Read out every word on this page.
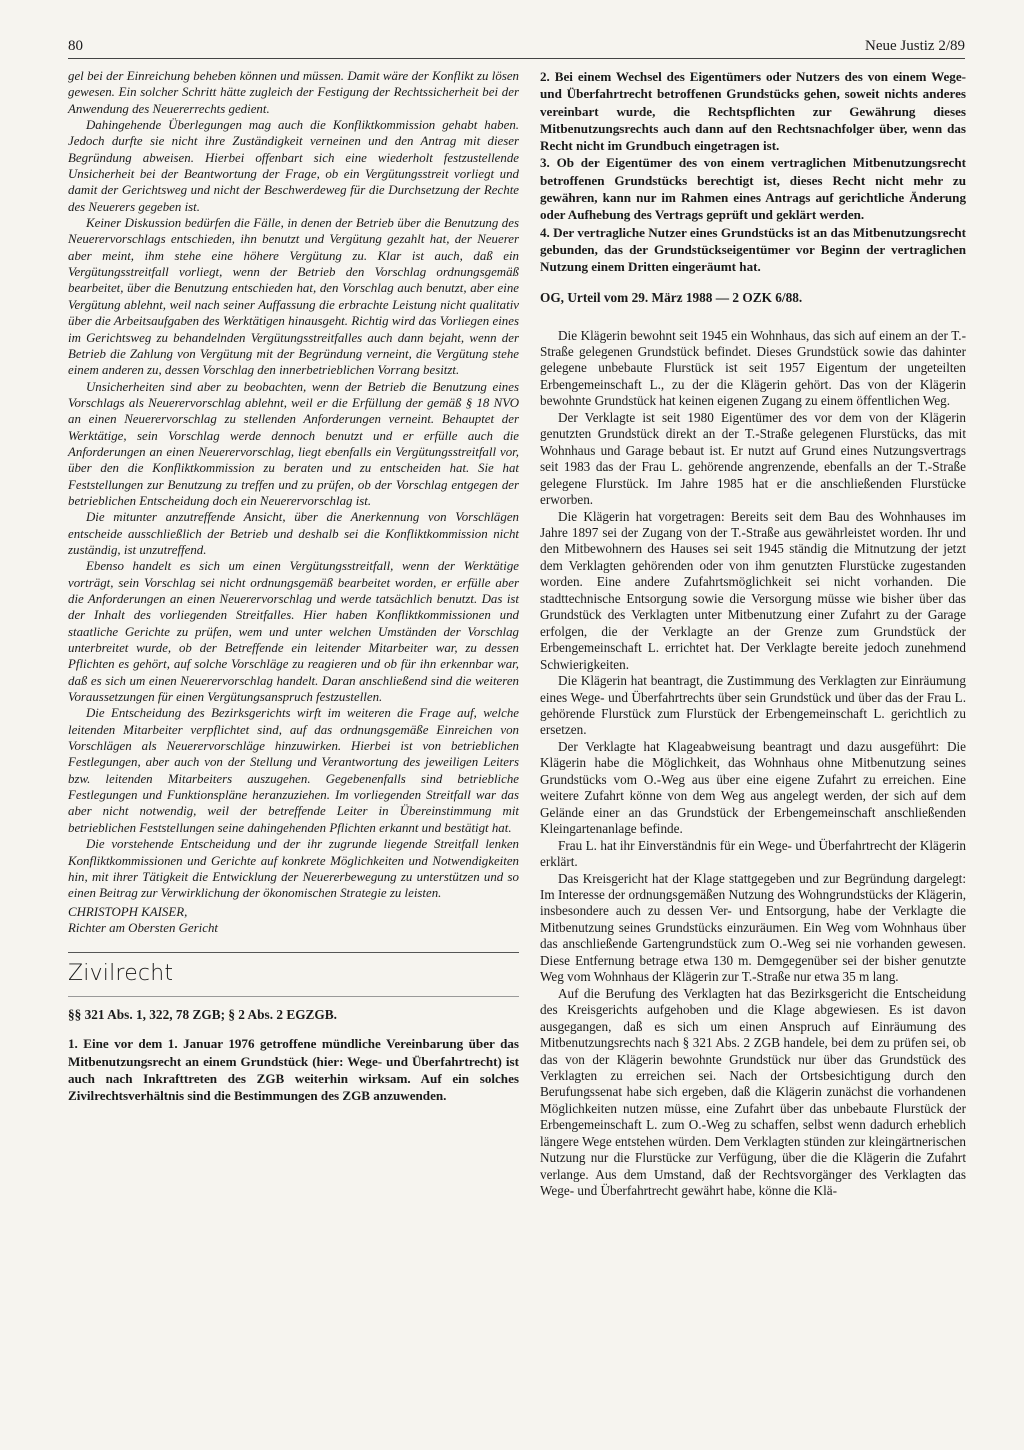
80	Neue Justiz 2/89

gel bei der Einreichung beheben können und müssen. Damit wäre der Konflikt zu lösen gewesen. Ein solcher Schritt hätte zugleich der Festigung der Rechtssicherheit bei der Anwendung des Neuererrechts gedient.

Dahingehende Überlegungen mag auch die Konfliktkommission gehabt haben. Jedoch durfte sie nicht ihre Zuständigkeit verneinen und den Antrag mit dieser Begründung abweisen. Hierbei offenbart sich eine wiederholt festzustellende Unsicherheit bei der Beantwortung der Frage, ob ein Vergütungsstreit vorliegt und damit der Gerichtsweg und nicht der Beschwerdeweg für die Durchsetzung der Rechte des Neuerers gegeben ist.

Keiner Diskussion bedürfen die Fälle, in denen der Betrieb über die Benutzung des Neuerervorschlags entschieden, ihn benutzt und Vergütung gezahlt hat, der Neuerer aber meint, ihm stehe eine höhere Vergütung zu. Klar ist auch, daß ein Vergütungsstreitfall vorliegt, wenn der Betrieb den Vorschlag ordnungsgemäß bearbeitet, über die Benutzung entschieden hat, den Vorschlag auch benutzt, aber eine Vergütung ablehnt, weil nach seiner Auffassung die erbrachte Leistung nicht qualitativ über die Arbeitsaufgaben des Werktätigen hinausgeht. Richtig wird das Vorliegen eines im Gerichtsweg zu behandelnden Vergütungsstreitfalles auch dann bejaht, wenn der Betrieb die Zahlung von Vergütung mit der Begründung verneint, die Vergütung stehe einem anderen zu, dessen Vorschlag den innerbetrieblichen Vorrang besitzt.

Unsicherheiten sind aber zu beobachten, wenn der Betrieb die Benutzung eines Vorschlags als Neuerervorschlag ablehnt, weil er die Erfüllung der gemäß § 18 NVO an einen Neuerervorschlag zu stellenden Anforderungen verneint. Behauptet der Werktätige, sein Vorschlag werde dennoch benutzt und er erfülle auch die Anforderungen an einen Neuerervorschlag, liegt ebenfalls ein Vergütungsstreitfall vor, über den die Konfliktkommission zu beraten und zu entscheiden hat. Sie hat Feststellungen zur Benutzung zu treffen und zu prüfen, ob der Vorschlag entgegen der betrieblichen Entscheidung doch ein Neuerervorschlag ist.

Die mitunter anzutreffende Ansicht, über die Anerkennung von Vorschlägen entscheide ausschließlich der Betrieb und deshalb sei die Konfliktkommission nicht zuständig, ist unzutreffend.

Ebenso handelt es sich um einen Vergütungsstreitfall, wenn der Werktätige vorträgt, sein Vorschlag sei nicht ordnungsgemäß bearbeitet worden, er erfülle aber die Anforderungen an einen Neuerervorschlag und werde tatsächlich benutzt. Das ist der Inhalt des vorliegenden Streitfalles. Hier haben Konfliktkommissionen und staatliche Gerichte zu prüfen, wem und unter welchen Umständen der Vorschlag unterbreitet wurde, ob der Betreffende ein leitender Mitarbeiter war, zu dessen Pflichten es gehört, auf solche Vorschläge zu reagieren und ob für ihn erkennbar war, daß es sich um einen Neuerervorschlag handelt. Daran anschließend sind die weiteren Voraussetzungen für einen Vergütungsanspruch festzustellen.

Die Entscheidung des Bezirksgerichts wirft im weiteren die Frage auf, welche leitenden Mitarbeiter verpflichtet sind, auf das ordnungsgemäße Einreichen von Vorschlägen als Neuerervorschläge hinzuwirken. Hierbei ist von betrieblichen Festlegungen, aber auch von der Stellung und Verantwortung des jeweiligen Leiters bzw. leitenden Mitarbeiters auszugehen. Gegebenenfalls sind betriebliche Festlegungen und Funktionspläne heranzuziehen. Im vorliegenden Streitfall war das aber nicht notwendig, weil der betreffende Leiter in Übereinstimmung mit betrieblichen Feststellungen seine dahingehenden Pflichten erkannt und bestätigt hat.

Die vorstehende Entscheidung und der ihr zugrunde liegende Streitfall lenken Konfliktkommissionen und Gerichte auf konkrete Möglichkeiten und Notwendigkeiten hin, mit ihrer Tätigkeit die Entwicklung der Neuererbewegung zu unterstützen und so einen Beitrag zur Verwirklichung der ökonomischen Strategie zu leisten.

CHRISTOPH KAISER,

Richter am Obersten Gericht

Zivilrecht

§§ 321 Abs. 1, 322, 78 ZGB; § 2 Abs. 2 EGZGB.

1. Eine vor dem 1. Januar 1976 getroffene mündliche Vereinbarung über das Mitbenutzungsrecht an einem Grundstück (hier: Wege- und Überfahrtrecht) ist auch nach Inkrafttreten des ZGB weiterhin wirksam. Auf ein solches Zivilrechtsverhältnis sind die Bestimmungen des ZGB anzuwenden.

2. Bei einem Wechsel des Eigentümers oder Nutzers des von einem Wege- und Überfahrtrecht betroffenen Grundstücks gehen, soweit nichts anderes vereinbart wurde, die Rechtspflichten zur Gewährung dieses Mitbenutzungsrechts auch dann auf den Rechtsnachfolger über, wenn das Recht nicht im Grundbuch eingetragen ist.

3. Ob der Eigentümer des von einem vertraglichen Mitbenutzungsrecht betroffenen Grundstücks berechtigt ist, dieses Recht nicht mehr zu gewähren, kann nur im Rahmen eines Antrags auf gerichtliche Änderung oder Aufhebung des Vertrags geprüft und geklärt werden.

4. Der vertragliche Nutzer eines Grundstücks ist an das Mitbenutzungsrecht gebunden, das der Grundstückseigentümer vor Beginn der vertraglichen Nutzung einem Dritten eingeräumt hat.

OG, Urteil vom 29. März 1988 — 2 OZK 6/88.

Die Klägerin bewohnt seit 1945 ein Wohnhaus, das sich auf einem an der T.-Straße gelegenen Grundstück befindet. Dieses Grundstück sowie das dahinter gelegene unbebaute Flurstück ist seit 1957 Eigentum der ungeteilten Erbengemeinschaft L., zu der die Klägerin gehört. Das von der Klägerin bewohnte Grundstück hat keinen eigenen Zugang zu einem öffentlichen Weg.

Der Verklagte ist seit 1980 Eigentümer des vor dem von der Klägerin genutzten Grundstück direkt an der T.-Straße gelegenen Flurstücks, das mit Wohnhaus und Garage bebaut ist. Er nutzt auf Grund eines Nutzungsvertrags seit 1983 das der Frau L. gehörende angrenzende, ebenfalls an der T.-Straße gelegene Flurstück. Im Jahre 1985 hat er die anschließenden Flurstücke erworben.

Die Klägerin hat vorgetragen: Bereits seit dem Bau des Wohnhauses im Jahre 1897 sei der Zugang von der T.-Straße aus gewährleistet worden. Ihr und den Mitbewohnern des Hauses sei seit 1945 ständig die Mitnutzung der jetzt dem Verklagten gehörenden oder von ihm genutzten Flurstücke zugestanden worden. Eine andere Zufahrtsmöglichkeit sei nicht vorhanden. Die stadttechnische Entsorgung sowie die Versorgung müsse wie bisher über das Grundstück des Verklagten unter Mitbenutzung einer Zufahrt zu der Garage erfolgen, die der Verklagte an der Grenze zum Grundstück der Erbengemeinschaft L. errichtet hat. Der Verklagte bereite jedoch zunehmend Schwierigkeiten.

Die Klägerin hat beantragt, die Zustimmung des Verklagten zur Einräumung eines Wege- und Überfahrtrechts über sein Grundstück und über das der Frau L. gehörende Flurstück zum Flurstück der Erbengemeinschaft L. gerichtlich zu ersetzen.

Der Verklagte hat Klageabweisung beantragt und dazu ausgeführt: Die Klägerin habe die Möglichkeit, das Wohnhaus ohne Mitbenutzung seines Grundstücks vom O.-Weg aus über eine eigene Zufahrt zu erreichen. Eine weitere Zufahrt könne von dem Weg aus angelegt werden, der sich auf dem Gelände einer an das Grundstück der Erbengemeinschaft anschließenden Kleingartenanlage befinde.

Frau L. hat ihr Einverständnis für ein Wege- und Überfahrtrecht der Klägerin erklärt.

Das Kreisgericht hat der Klage stattgegeben und zur Begründung dargelegt: Im Interesse der ordnungsgemäßen Nutzung des Wohngrundstücks der Klägerin, insbesondere auch zu dessen Ver- und Entsorgung, habe der Verklagte die Mitbenutzung seines Grundstücks einzuräumen. Ein Weg vom Wohnhaus über das anschließende Gartengrundstück zum O.-Weg sei nie vorhanden gewesen. Diese Entfernung betrage etwa 130 m. Demgegenüber sei der bisher genutzte Weg vom Wohnhaus der Klägerin zur T.-Straße nur etwa 35 m lang.

Auf die Berufung des Verklagten hat das Bezirksgericht die Entscheidung des Kreisgerichts aufgehoben und die Klage abgewiesen. Es ist davon ausgegangen, daß es sich um einen Anspruch auf Einräumung des Mitbenutzungsrechts nach § 321 Abs. 2 ZGB handele, bei dem zu prüfen sei, ob das von der Klägerin bewohnte Grundstück nur über das Grundstück des Verklagten zu erreichen sei. Nach der Ortsbesichtigung durch den Berufungssenat habe sich ergeben, daß die Klägerin zunächst die vorhandenen Möglichkeiten nutzen müsse, eine Zufahrt über das unbebaute Flurstück der Erbengemeinschaft L. zum O.-Weg zu schaffen, selbst wenn dadurch erheblich längere Wege entstehen würden. Dem Verklagten stünden zur kleingärtnerischen Nutzung nur die Flurstücke zur Verfügung, über die die Klägerin die Zufahrt verlange. Aus dem Umstand, daß der Rechtsvorgänger des Verklagten das Wege- und Überfahrtrecht gewährt habe, könne die Klä-
